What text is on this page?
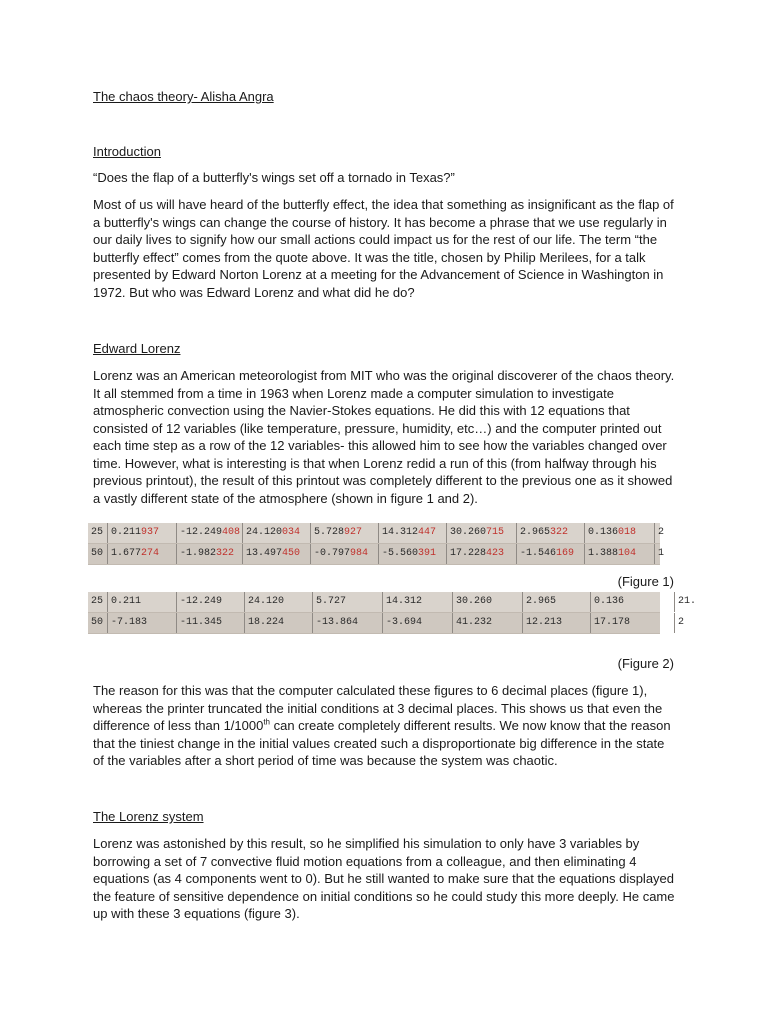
The chaos theory- Alisha Angra
Introduction
“Does the flap of a butterfly's wings set off a tornado in Texas?”
Most of us will have heard of the butterfly effect, the idea that something as insignificant as the flap of a butterfly's wings can change the course of history. It has become a phrase that we use regularly in our daily lives to signify how our small actions could impact us for the rest of our life. The term “the butterfly effect” comes from the quote above. It was the title, chosen by Philip Merilees, for a talk presented by Edward Norton Lorenz at a meeting for the Advancement of Science in Washington in 1972. But who was Edward Lorenz and what did he do?
Edward Lorenz
Lorenz was an American meteorologist from MIT who was the original discoverer of the chaos theory. It all stemmed from a time in 1963 when Lorenz made a computer simulation to investigate atmospheric convection using the Navier-Stokes equations. He did this with 12 equations that consisted of 12 variables (like temperature, pressure, humidity, etc…) and the computer printed out each time step as a row of the 12 variables- this allowed him to see how the variables changed over time. However, what is interesting is that when Lorenz redid a run of this (from halfway through his previous printout), the result of this printout was completely different to the previous one as it showed a vastly different state of the atmosphere (shown in figure 1 and 2).
(Figure 1)
(Figure 2)
The reason for this was that the computer calculated these figures to 6 decimal places (figure 1), whereas the printer truncated the initial conditions at 3 decimal places. This shows us that even the difference of less than 1/1000th can create completely different results. We now know that the reason that the tiniest change in the initial values created such a disproportionate big difference in the state of the variables after a short period of time was because the system was chaotic.
The Lorenz system
Lorenz was astonished by this result, so he simplified his simulation to only have 3 variables by borrowing a set of 7 convective fluid motion equations from a colleague, and then eliminating 4 equations (as 4 components went to 0). But he still wanted to make sure that the equations displayed the feature of sensitive dependence on initial conditions so he could study this more deeply. He came up with these 3 equations (figure 3).
25 0.211937	-12.249408 24.120034	5.728927	14.312447	30.260715	2.965322	0.136018	2
50 1.677274	-1.982322	13.497450	-0.797984	-5.560391	17.228423	-1.546169	1.388104	1
25 0.211	-12.249	24.120	5.727	14.312	30.260	2.965	0.136	21.
50 -7.183	-11.345	18.224	-13.864	-3.694	41.232	12.213	17.178	2
